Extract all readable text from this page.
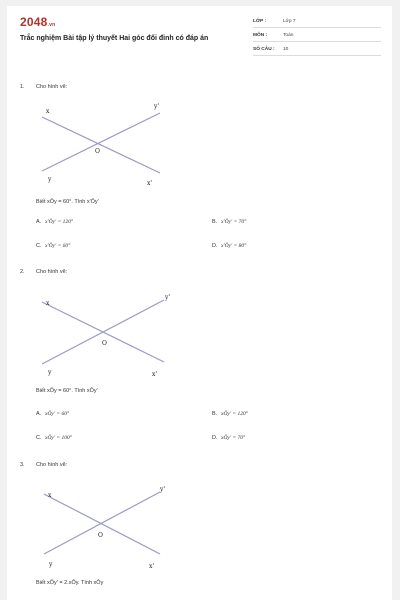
2048.vn
Trắc nghiệm Bài tập lý thuyết Hai góc đối đỉnh có đáp án
LỚP :	Lớp 7
MÔN :	Toán
SỐ CÂU :	10
1. Cho hình vẽ:
x
y'
O
y
x'
Biết xÔy = 60°. Tính x'Ôy'
A. x'Ôy' = 120°	B. x'Ôy' = 70°
C. x'Ôy' = 60°	D. x'Ôy' = 80°
2. Cho hình vẽ:
x
y'
O
y	x'
Biết xÔy = 60°. Tính xÔy'
A. xÔy' = 60°	B. xÔy' = 120°
C. xÔy' = 100°	D. xÔy' = 70°
3. Cho hình vẽ:
x
y'
O
y	x'
Biết xÔy' = 2.xÔy. Tính xÔy
